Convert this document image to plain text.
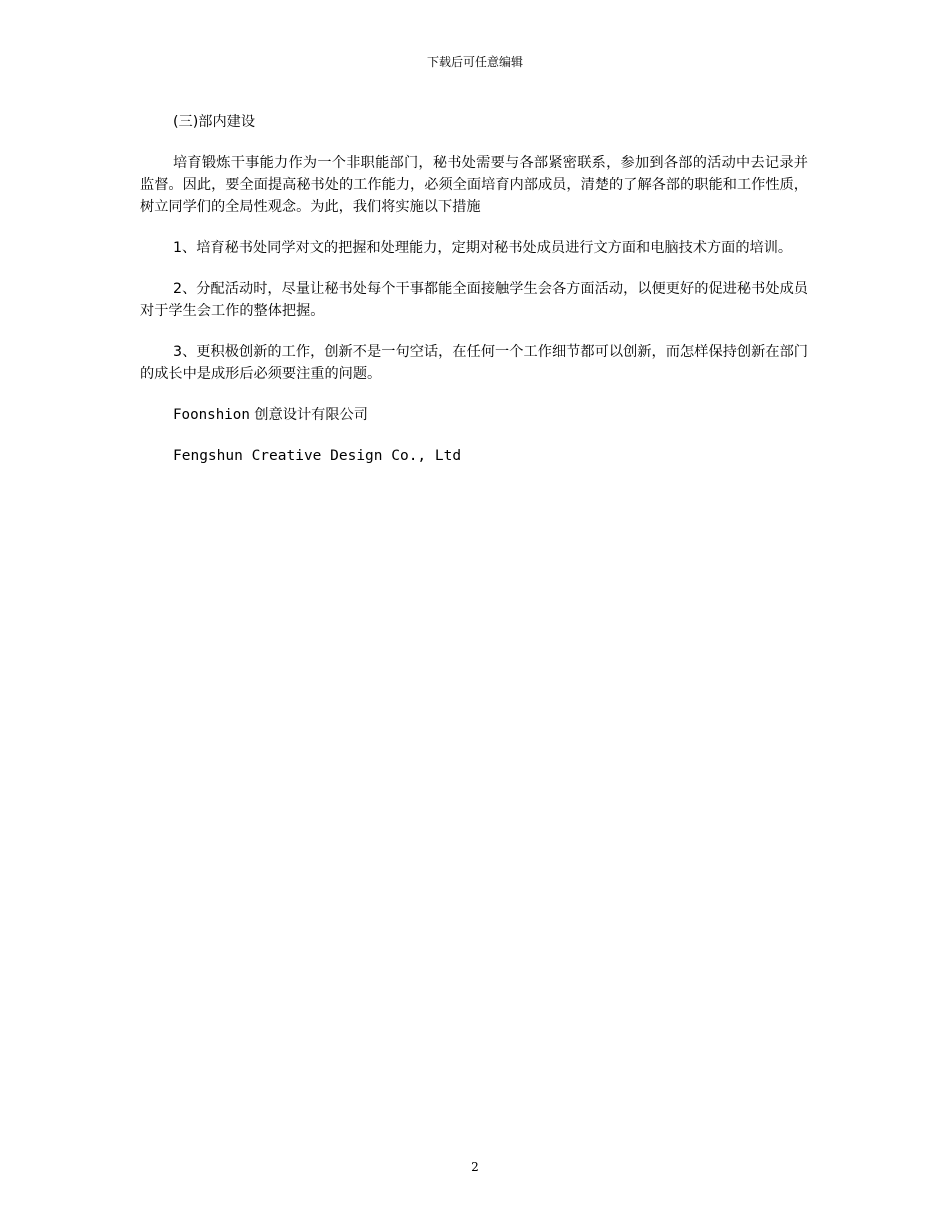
下载后可任意编辑

(三)部内建设

培育锻炼干事能力作为一个非职能部门，秘书处需要与各部紧密联系，参加到各部的活动中去记录并监督。因此，要全面提高秘书处的工作能力，必须全面培育内部成员，清楚的了解各部的职能和工作性质，树立同学们的全局性观念。为此，我们将实施以下措施

1、培育秘书处同学对文的把握和处理能力，定期对秘书处成员进行文方面和电脑技术方面的培训。

2、分配活动时，尽量让秘书处每个干事都能全面接触学生会各方面活动，以便更好的促进秘书处成员对于学生会工作的整体把握。

3、更积极创新的工作，创新不是一句空话，在任何一个工作细节都可以创新，而怎样保持创新在部门的成长中是成形后必须要注重的问题。

Foonshion 创意设计有限公司

Fengshun Creative Design Co., Ltd

2
